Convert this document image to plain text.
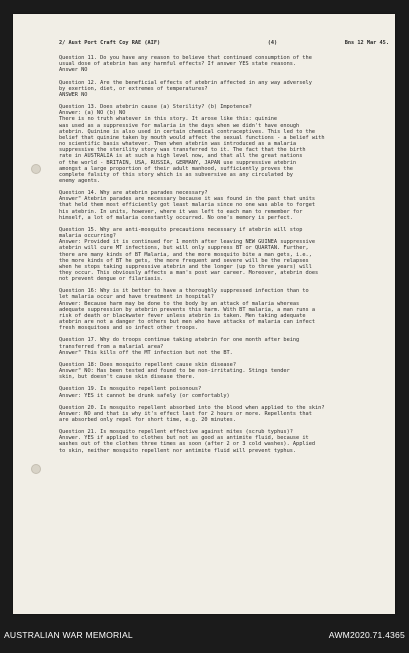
2/ Aust Port Craft Coy RAE (AIF)	(4)	Bns 12 Mar 45.
Question 11. Do you have any reason to believe that continued consumption of the
usual dose of atebrin has any harmful effects? If answer YES state reasons.
Answer NO
Question 12. Are the beneficial effects of atebrin affected in any way adversely
by exertion, diet, or extremes of temperatures?
ANSWER NO
Question 13. Does atebrin cause (a) Sterility? (b) Impotence?
Answer: (a) NO (b) NO
There is no truth whatever in this story. It arose like this: quinine
was used as a suppressive for malaria in the days when we didn't have enough
atebrin. Quinine is also used in certain chemical contraceptives. This led to the
belief that quinine taken by mouth would affect the sexual functions - a belief with
no scientific basis whatever. Then when atebrin was introduced as a malaria
suppressive the sterility story was transferred to it. The fact that the birth
rate in AUSTRALIA is at such a high level now, and that all the great nations
of the world - BRITAIN, USA, RUSSIA, GERMANY, JAPAN use suppressive atebrin
amongst a large proportion of their adult manhood, sufficiently proves the
complete falsity of this story which is as subversive as any circulated by
enemy agents.
Question 14. Why are atebrin parades necessary?
Answer" Atebrin parades are necessary because it was found in the past that units
that held them most efficiently got least malaria since no one was able to forget
his atebrin. In units, however, where it was left to each man to remember for
himself, a lot of malaria constantly occurred. No one's memory is perfect.
Question 15. Why are anti-mosquito precautions necessary if atebrin will stop
malaria occurring?
Answer: Provided it is continued for 1 month after leaving NEW GUINEA suppressive
atebrin will cure MT infections, but will only suppress BT or QUARTAN. Further,
there are many kinds of BT Malaria, and the more mosquito bite a man gets, i.e.,
the more kinds of BT he gets, the more frequent and severe will be the relapses
when he stops taking suppressive atebrin and the longer (up to three years) will
they occur. This obviously affects a man's post war career. Moreover, atebrin does
not prevent dengue or filariasis.
Question 16: Why is it better to have a thoroughly suppressed infection than to
let malaria occur and have treatment in hospital?
Answer: Because harm may be done to the body by an attack of malaria whereas
adequate suppression by atebrin prevents this harm. With BT malaria, a man runs a
risk of death or blackwater fever unless atebrin is taken. Men taking adequate
atebrin are not a danger to others but men who have attacks of malaria can infect
fresh mosquitoes and so infect other troops.
Question 17. Why do troops continue taking atebrin for one month after being
transferred from a malarial area?
Answer" This kills off the MT infection but not the BT.
Question 18: Does mosquito repellent cause skin disease?
Answer" NO: Has been tested and found to be non-irritating. Stings tender
skin, but doesn't cause skin disease there.
Question 19. Is mosquito repellent poisonous?
Answer: YES it cannot be drunk safely (or comfortably)
Question 20. Is mosquito repellent absorbed into the blood when applied to the skin?
Answer: NO and that is why it's effect last for 2 hours or more. Repellents that
are absorbed only repel for short time, e.g. 20 minutes.
Question 21. Is mosquito repellent effective against mites (scrub typhus)?
Answer. YES if applied to clothes but not as good as antimite fluid, because it
washes out of the clothes three times as soon (after 2 or 3 cold washes). Applied
to skin, neither mosquito repellent nor antimite fluid will prevent typhus.
AUSTRALIAN WAR MEMORIAL	AWM2020.71.4365
